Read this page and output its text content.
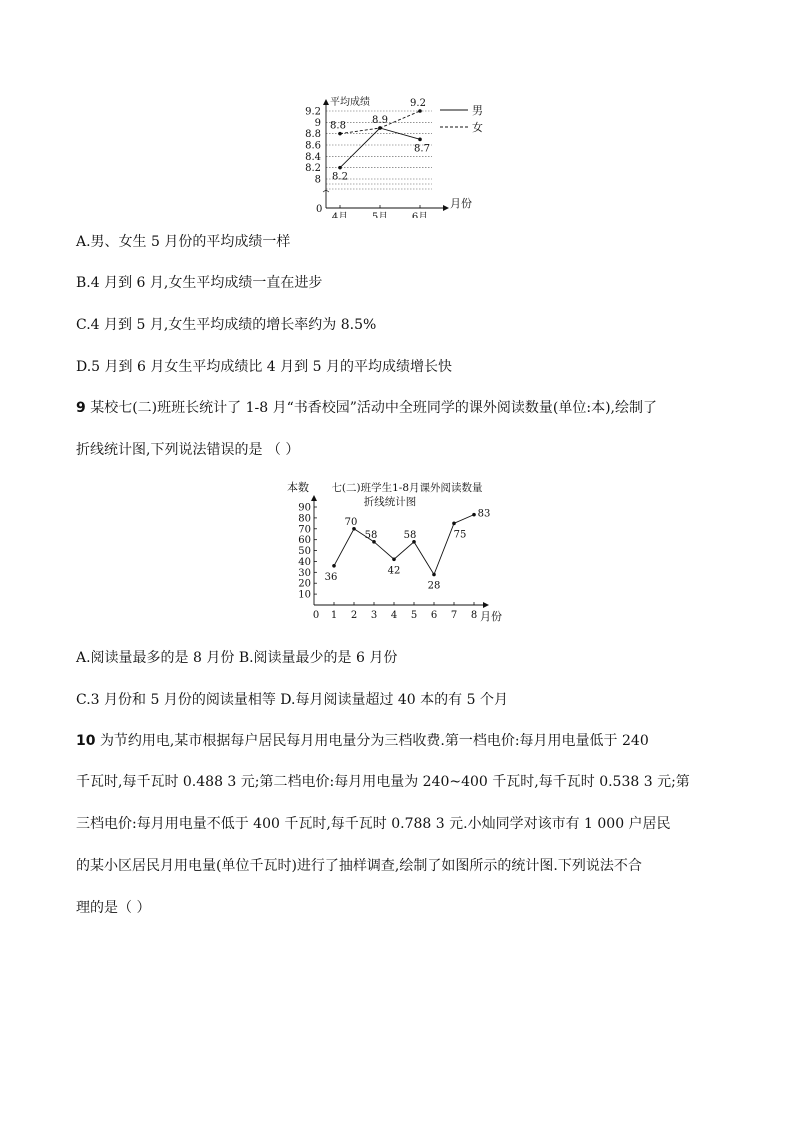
9.2
9
8.8
8.6
8.4
8.2
8
平均成绩
月份
0
4月 5月 6月
男
女
8.2
8.9
8.7
8.8
9.2
A.男、女生 5 月份的平均成绩一样
B.4 月到 6 月,女生平均成绩一直在进步
C.4 月到 5 月,女生平均成绩的增长率约为 8.5%
D.5 月到 6 月女生平均成绩比 4 月到 5 月的平均成绩增长快
9 某校七(二)班班长统计了 1-8 月“书香校园”活动中全班同学的课外阅读数量(单位:本),绘制了
折线统计图,下列说法错误的是 （ ）
七(二)班学生1-8月课外阅读数量
折线统计图
本数
月份
0
90
80
70
60
50
40
30
20
10
1 2 3 4 5 6 7 8
36
70
58
42
58
28
75
83
A.阅读量最多的是 8 月份 B.阅读量最少的是 6 月份
C.3 月份和 5 月份的阅读量相等 D.每月阅读量超过 40 本的有 5 个月
10 为节约用电,某市根据每户居民每月用电量分为三档收费.第一档电价:每月用电量低于 240
千瓦时,每千瓦时 0.488 3 元;第二档电价:每月用电量为 240~400 千瓦时,每千瓦时 0.538 3 元;第
三档电价:每月用电量不低于 400 千瓦时,每千瓦时 0.788 3 元.小灿同学对该市有 1 000 户居民
的某小区居民月用电量(单位千瓦时)进行了抽样调查,绘制了如图所示的统计图.下列说法不合
理的是（ ）
